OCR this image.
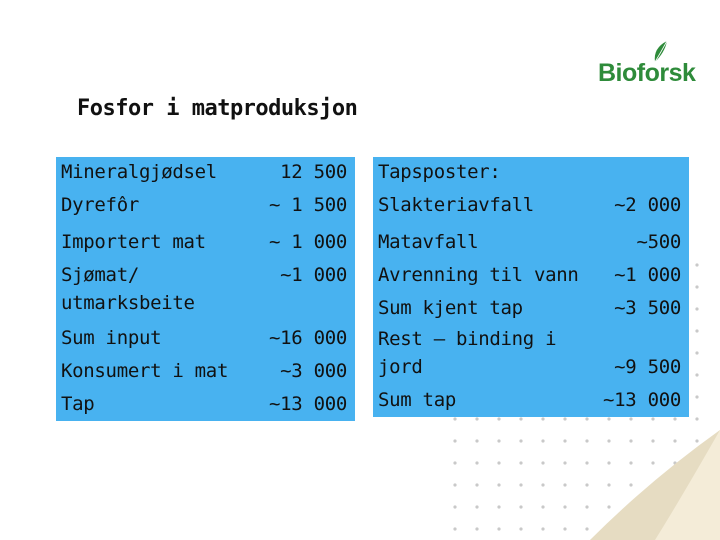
Bioforsk
Fosfor i matproduksjon
Mineralgjødsel	12 500
Dyrefôr	~ 1 500
Importert mat	~ 1 000
Sjømat/ utmarksbeite	~1 000
Sum input	~16 000
Konsumert i mat	~3 000
Tap	~13 000
Tapsposter:	
Slakteriavfall	~2 000
Matavfall	~500
Avrenning til vann	~1 000
Sum kjent tap	~3 500
Rest – binding i jord	~9 500
Sum tap	~13 000
